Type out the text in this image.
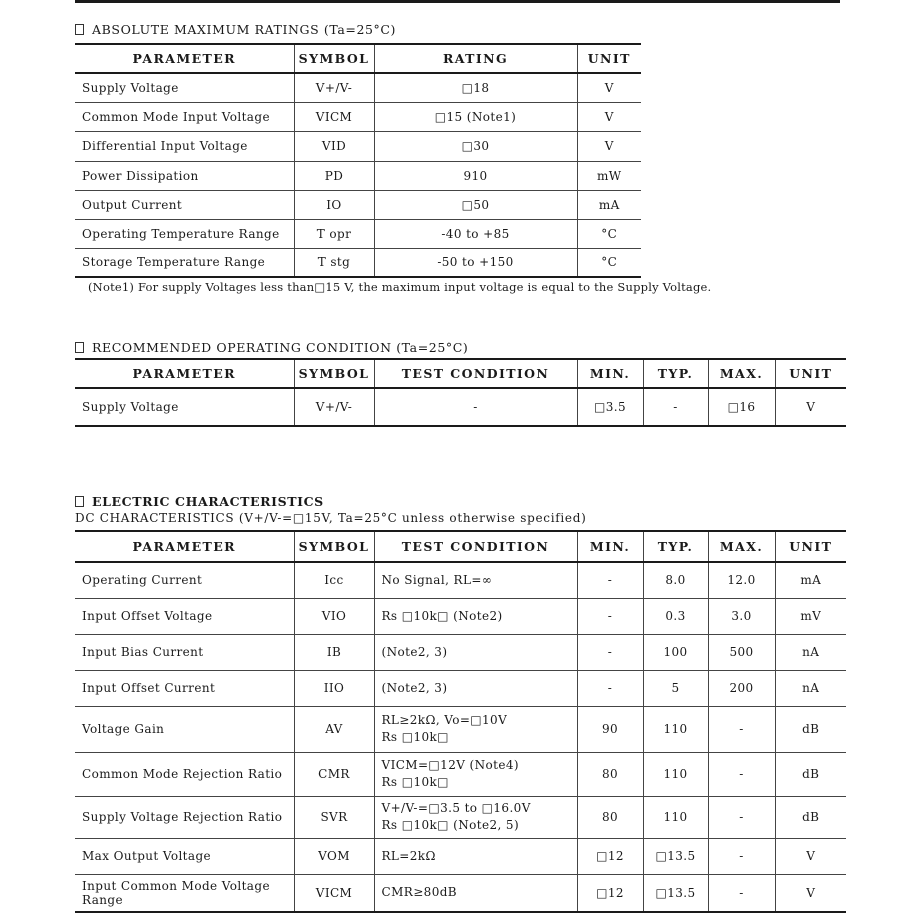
ABSOLUTE MAXIMUM RATINGS (Ta=25°C)
PARAMETER	SYMBOL	RATING	UNIT
Supply Voltage	V+/V-	□18	V
Common Mode Input Voltage	VICM	□15 (Note1)	V
Differential Input Voltage	VID	□30	V
Power Dissipation	PD	910	mW
Output Current	IO	□50	mA
Operating Temperature Range	T opr	-40 to +85	°C
Storage Temperature Range	T stg	-50 to +150	°C
(Note1) For supply Voltages less than□15 V, the maximum input voltage is equal to the Supply Voltage.
RECOMMENDED OPERATING CONDITION (Ta=25°C)
PARAMETER	SYMBOL	TEST CONDITION	MIN.	TYP.	MAX.	UNIT
Supply Voltage	V+/V-	-	□3.5	-	□16	V
ELECTRIC CHARACTERISTICS
DC CHARACTERISTICS (V+/V-=□15V, Ta=25°C unless otherwise specified)
PARAMETER	SYMBOL	TEST CONDITION	MIN.	TYP.	MAX.	UNIT
Operating Current	Icc	No Signal, RL=∞	-	8.0	12.0	mA
Input Offset Voltage	VIO	Rs □10k□ (Note2)	-	0.3	3.0	mV
Input Bias Current	IB	(Note2, 3)	-	100	500	nA
Input Offset Current	IIO	(Note2, 3)	-	5	200	nA
Voltage Gain	AV	RL≥2kΩ, Vo=□10V
Rs □10k□	90	110	-	dB
Common Mode Rejection Ratio	CMR	VICM=□12V (Note4)
Rs □10k□	80	110	-	dB
Supply Voltage Rejection Ratio	SVR	V+/V-=□3.5 to □16.0V
Rs □10k□ (Note2, 5)	80	110	-	dB
Max Output Voltage	VOM	RL=2kΩ	□12	□13.5	-	V
Input Common Mode Voltage Range	VICM	CMR≥80dB	□12	□13.5	-	V
